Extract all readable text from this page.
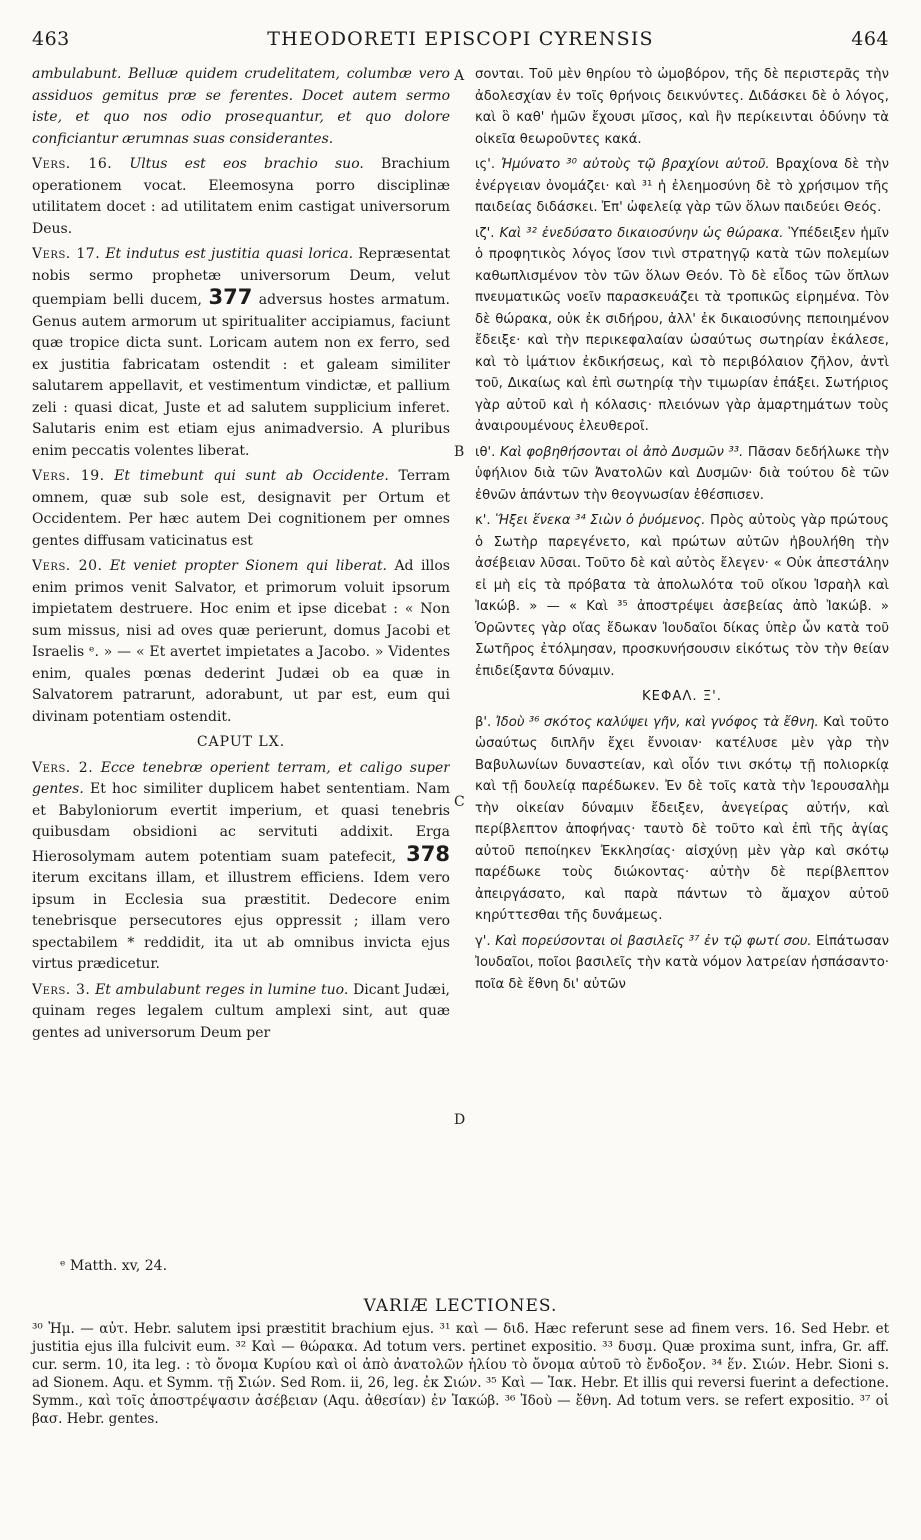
463	THEODORETI EPISCOPI CYRENSIS	464

ambulabunt. Belluæ quidem crudelitatem, columbæ vero assiduos gemitus præ se ferentes. Docet autem sermo iste, et quo nos odio prosequantur, et quo dolore conficiantur ærumnas suas considerantes.

Vers. 16. Ultus est eos brachio suo. Brachium operationem vocat. Eleemosyna porro disciplinæ utilitatem docet : ad utilitatem enim castigat universorum Deus.

Vers. 17. Et indutus est justitia quasi lorica. Repræsentat nobis sermo prophetæ universorum Deum, velut quempiam belli ducem, 377 adversus hostes armatum. Genus autem armorum ut spiritualiter accipiamus, faciunt quæ tropice dicta sunt. Loricam autem non ex ferro, sed ex justitia fabricatam ostendit : et galeam similiter salutarem appellavit, et vestimentum vindictæ, et pallium zeli : quasi dicat, Juste et ad salutem supplicium inferet. Salutaris enim est etiam ejus animadversio. A pluribus enim peccatis volentes liberat.

Vers. 19. Et timebunt qui sunt ab Occidente. Terram omnem, quæ sub sole est, designavit per Ortum et Occidentem. Per hæc autem Dei cognitionem per omnes gentes diffusam vaticinatus est

Vers. 20. Et veniet propter Sionem qui liberat. Ad illos enim primos venit Salvator, et primorum voluit ipsorum impietatem destruere. Hoc enim et ipse dicebat : « Non sum missus, nisi ad oves quæ perierunt, domus Jacobi et Israelis ᵉ. » — « Et avertet impietates a Jacobo. » Videntes enim, quales pœnas dederint Judæi ob ea quæ in Salvatorem patrarunt, adorabunt, ut par est, eum qui divinam potentiam ostendit.

CAPUT LX.

Vers. 2. Ecce tenebræ operient terram, et caligo super gentes. Et hoc similiter duplicem habet sententiam. Nam et Babyloniorum evertit imperium, et quasi tenebris quibusdam obsidioni ac servituti addixit. Erga Hierosolymam autem potentiam suam patefecit, 378 iterum excitans illam, et illustrem efficiens. Idem vero ipsum in Ecclesia sua præstitit. Dedecore enim tenebrisque persecutores ejus oppressit ; illam vero spectabilem * reddidit, ita ut ab omnibus invicta ejus virtus prædicetur.

Vers. 3. Et ambulabunt reges in lumine tuo. Dicant Judæi, quinam reges legalem cultum amplexi sint, aut quæ gentes ad universorum Deum per

A
B
C
D

σονται. Τοῦ μὲν θηρίου τὸ ὠμοβόρον, τῆς δὲ περιστερᾶς τὴν ἀδολεσχίαν ἐν τοῖς θρήνοις δεικνύντες. Διδάσκει δὲ ὁ λόγος, καὶ ὃ καθ' ἡμῶν ἔχουσι μῖσος, καὶ ἣν περίκεινται ὀδύνην τὰ οἰκεῖα θεωροῦντες κακά.

ις'. Ἠμύνατο ³⁰ αὐτοὺς τῷ βραχίονι αὐτοῦ. Βραχίονα δὲ τὴν ἐνέργειαν ὀνομάζει· καὶ ³¹ ἡ ἐλεημοσύνη δὲ τὸ χρήσιμον τῆς παιδείας διδάσκει. Ἐπ' ὠφελείᾳ γὰρ τῶν ὅλων παιδεύει Θεός.

ιζ'. Καὶ ³² ἐνεδύσατο δικαιοσύνην ὡς θώρακα. Ὑπέδειξεν ἡμῖν ὁ προφητικὸς λόγος ἴσον τινὶ στρατηγῷ κατὰ τῶν πολεμίων καθωπλισμένον τὸν τῶν ὅλων Θεόν. Τὸ δὲ εἶδος τῶν ὅπλων πνευματικῶς νοεῖν παρασκευάζει τὰ τροπικῶς εἰρημένα. Τὸν δὲ θώρακα, οὐκ ἐκ σιδήρου, ἀλλ' ἐκ δικαιοσύνης πεποιημένον ἔδειξε· καὶ τὴν περικεφαλαίαν ὡσαύτως σωτηρίαν ἐκάλεσε, καὶ τὸ ἱμάτιον ἐκδικήσεως, καὶ τὸ περιβόλαιον ζῆλον, ἀντὶ τοῦ, Δικαίως καὶ ἐπὶ σωτηρίᾳ τὴν τιμωρίαν ἐπάξει. Σωτήριος γὰρ αὐτοῦ καὶ ἡ κόλασις· πλειόνων γὰρ ἁμαρτημάτων τοὺς ἀναιρουμένους ἐλευθεροῖ.

ιθ'. Καὶ φοβηθήσονται οἱ ἀπὸ Δυσμῶν ³³. Πᾶσαν δεδήλωκε τὴν ὑφήλιον διὰ τῶν Ἀνατολῶν καὶ Δυσμῶν· διὰ τούτου δὲ τῶν ἐθνῶν ἁπάντων τὴν θεογνωσίαν ἐθέσπισεν.

κ'. Ἥξει ἕνεκα ³⁴ Σιὼν ὁ ῥυόμενος. Πρὸς αὐτοὺς γὰρ πρώτους ὁ Σωτὴρ παρεγένετο, καὶ πρώτων αὐτῶν ἠβουλήθη τὴν ἀσέβειαν λῦσαι. Τοῦτο δὲ καὶ αὐτὸς ἔλεγεν· « Οὐκ ἀπεστάλην εἰ μὴ εἰς τὰ πρόβατα τὰ ἀπολωλότα τοῦ οἴκου Ἰσραὴλ καὶ Ἰακώβ. » — « Καὶ ³⁵ ἀποστρέψει ἀσεβείας ἀπὸ Ἰακώβ. » Ὁρῶντες γὰρ οἵας ἔδωκαν Ἰουδαῖοι δίκας ὑπὲρ ὧν κατὰ τοῦ Σωτῆρος ἐτόλμησαν, προσκυνήσουσιν εἰκότως τὸν τὴν θείαν ἐπιδείξαντα δύναμιν.

ΚΕΦΑΛ. Ξ'.

β'. Ἰδοὺ ³⁶ σκότος καλύψει γῆν, καὶ γνόφος τὰ ἔθνη. Καὶ τοῦτο ὡσαύτως διπλῆν ἔχει ἔννοιαν· κατέλυσε μὲν γὰρ τὴν Βαβυλωνίων δυναστείαν, καὶ οἷόν τινι σκότῳ τῇ πολιορκίᾳ καὶ τῇ δουλείᾳ παρέδωκεν. Ἐν δὲ τοῖς κατὰ τὴν Ἱερουσαλὴμ τὴν οἰκείαν δύναμιν ἔδειξεν, ἀνεγείρας αὐτήν, καὶ περίβλεπτον ἀποφήνας· ταυτὸ δὲ τοῦτο καὶ ἐπὶ τῆς ἁγίας αὐτοῦ πεποίηκεν Ἐκκλησίας· αἰσχύνῃ μὲν γὰρ καὶ σκότῳ παρέδωκε τοὺς διώκοντας· αὐτὴν δὲ περίβλεπτον ἀπειργάσατο, καὶ παρὰ πάντων τὸ ἄμαχον αὐτοῦ κηρύττεσθαι τῆς δυνάμεως.

γ'. Καὶ πορεύσονται οἱ βασιλεῖς ³⁷ ἐν τῷ φωτί σου. Εἰπάτωσαν Ἰουδαῖοι, ποῖοι βασιλεῖς τὴν κατὰ νόμον λατρείαν ἠσπάσαντο· ποῖα δὲ ἔθνη δι' αὐτῶν

ᵉ Matth. xv, 24.
VARIÆ LECTIONES.
³⁰ Ἠμ. — αὐτ. Hebr. salutem ipsi præstitit brachium ejus. ³¹ καὶ — διδ. Hæc referunt sese ad finem vers. 16. Sed Hebr. et justitia ejus illa fulcivit eum. ³² Καὶ — θώρακα. Ad totum vers. pertinet expositio. ³³ δυσμ. Quæ proxima sunt, infra, Gr. aff. cur. serm. 10, ita leg. : τὸ ὄνομα Κυρίου καὶ οἱ ἀπὸ ἀνατολῶν ἡλίου τὸ ὄνομα αὐτοῦ τὸ ἔνδοξον. ³⁴ ἕν. Σιών. Hebr. Sioni s. ad Sionem. Aqu. et Symm. τῇ Σιών. Sed Rom. ii, 26, leg. ἐκ Σιών. ³⁵ Καὶ — Ἰακ. Hebr. Et illis qui reversi fuerint a defectione. Symm., καὶ τοῖς ἀποστρέψασιν ἀσέβειαν (Aqu. ἀθεσίαν) ἐν Ἰακώβ. ³⁶ Ἰδοὺ — ἔθνη. Ad totum vers. se refert expositio. ³⁷ οἱ βασ. Hebr. gentes.
